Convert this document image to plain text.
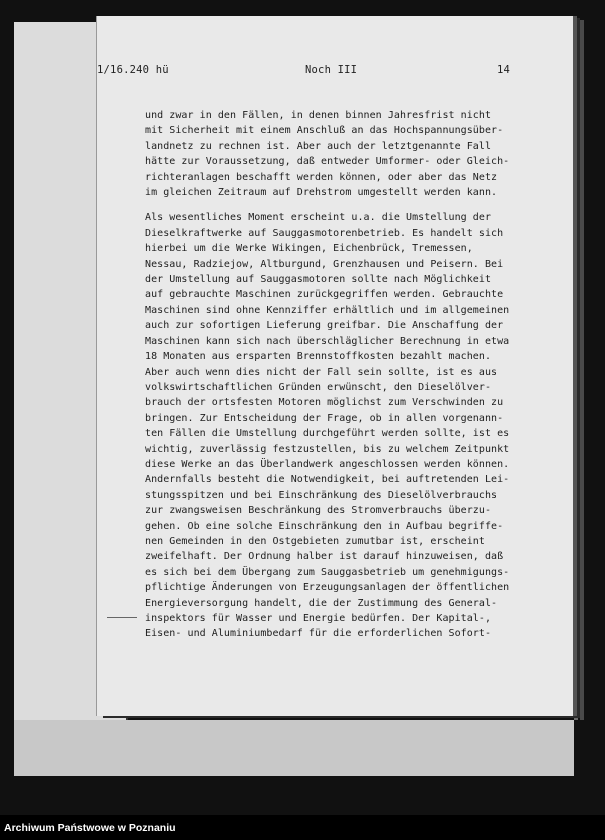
1/16.240 hü	Noch III	14
und zwar in den Fällen, in denen binnen Jahresfrist nicht
mit Sicherheit mit einem Anschluß an das Hochspannungsüber-
landnetz zu rechnen ist. Aber auch der letztgenannte Fall
hätte zur Voraussetzung, daß entweder Umformer- oder Gleich-
richteranlagen beschafft werden können, oder aber das Netz
im gleichen Zeitraum auf Drehstrom umgestellt werden kann.
Als wesentliches Moment erscheint u.a. die Umstellung der
Dieselkraftwerke auf Sauggasmotorenbetrieb. Es handelt sich
hierbei um die Werke Wikingen, Eichenbrück, Tremessen,
Nessau, Radziejow, Altburgund, Grenzhausen und Peisern. Bei
der Umstellung auf Sauggasmotoren sollte nach Möglichkeit
auf gebrauchte Maschinen zurückgegriffen werden. Gebrauchte
Maschinen sind ohne Kennziffer erhältlich und im allgemeinen
auch zur sofortigen Lieferung greifbar. Die Anschaffung der
Maschinen kann sich nach überschläglicher Berechnung in etwa
18 Monaten aus ersparten Brennstoffkosten bezahlt machen.
Aber auch wenn dies nicht der Fall sein sollte, ist es aus
volkswirtschaftlichen Gründen erwünscht, den Dieselölver-
brauch der ortsfesten Motoren möglichst zum Verschwinden zu
bringen. Zur Entscheidung der Frage, ob in allen vorgenann-
ten Fällen die Umstellung durchgeführt werden sollte, ist es
wichtig, zuverlässig festzustellen, bis zu welchem Zeitpunkt
diese Werke an das Überlandwerk angeschlossen werden können.
Andernfalls besteht die Notwendigkeit, bei auftretenden Lei-
stungsspitzen und bei Einschränkung des Dieselölverbrauchs
zur zwangsweisen Beschränkung des Stromverbrauchs überzu-
gehen. Ob eine solche Einschränkung den in Aufbau begriffe-
nen Gemeinden in den Ostgebieten zumutbar ist, erscheint
zweifelhaft. Der Ordnung halber ist darauf hinzuweisen, daß
es sich bei dem Übergang zum Sauggasbetrieb um genehmigungs-
pflichtige Änderungen von Erzeugungsanlagen der öffentlichen
Energieversorgung handelt, die der Zustimmung des General-
inspektors für Wasser und Energie bedürfen. Der Kapital-,
Eisen- und Aluminiumbedarf für die erforderlichen Sofort-
Archiwum Państwowe w Poznaniu
